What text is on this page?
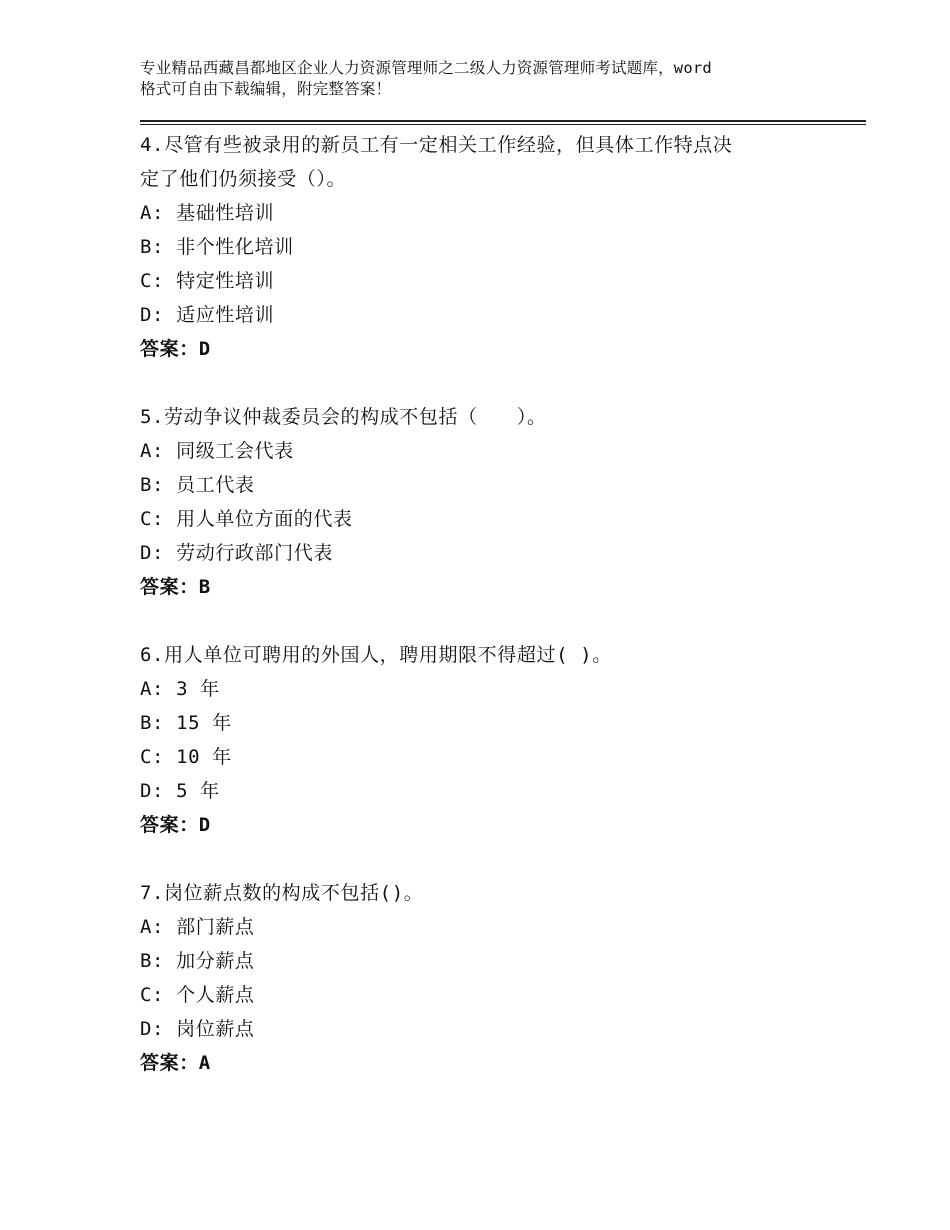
专业精品西藏昌都地区企业人力资源管理师之二级人力资源管理师考试题库，word
格式可自由下载编辑，附完整答案！
4.尽管有些被录用的新员工有一定相关工作经验，但具体工作特点决
定了他们仍须接受（）。
A: 基础性培训
B: 非个性化培训
C: 特定性培训
D: 适应性培训
答案：D
5.劳动争议仲裁委员会的构成不包括（　　）。
A: 同级工会代表
B: 员工代表
C: 用人单位方面的代表
D: 劳动行政部门代表
答案：B
6.用人单位可聘用的外国人，聘用期限不得超过( )。
A: 3 年
B: 15 年
C: 10 年
D: 5 年
答案：D
7.岗位薪点数的构成不包括()。
A: 部门薪点
B: 加分薪点
C: 个人薪点
D: 岗位薪点
答案：A
